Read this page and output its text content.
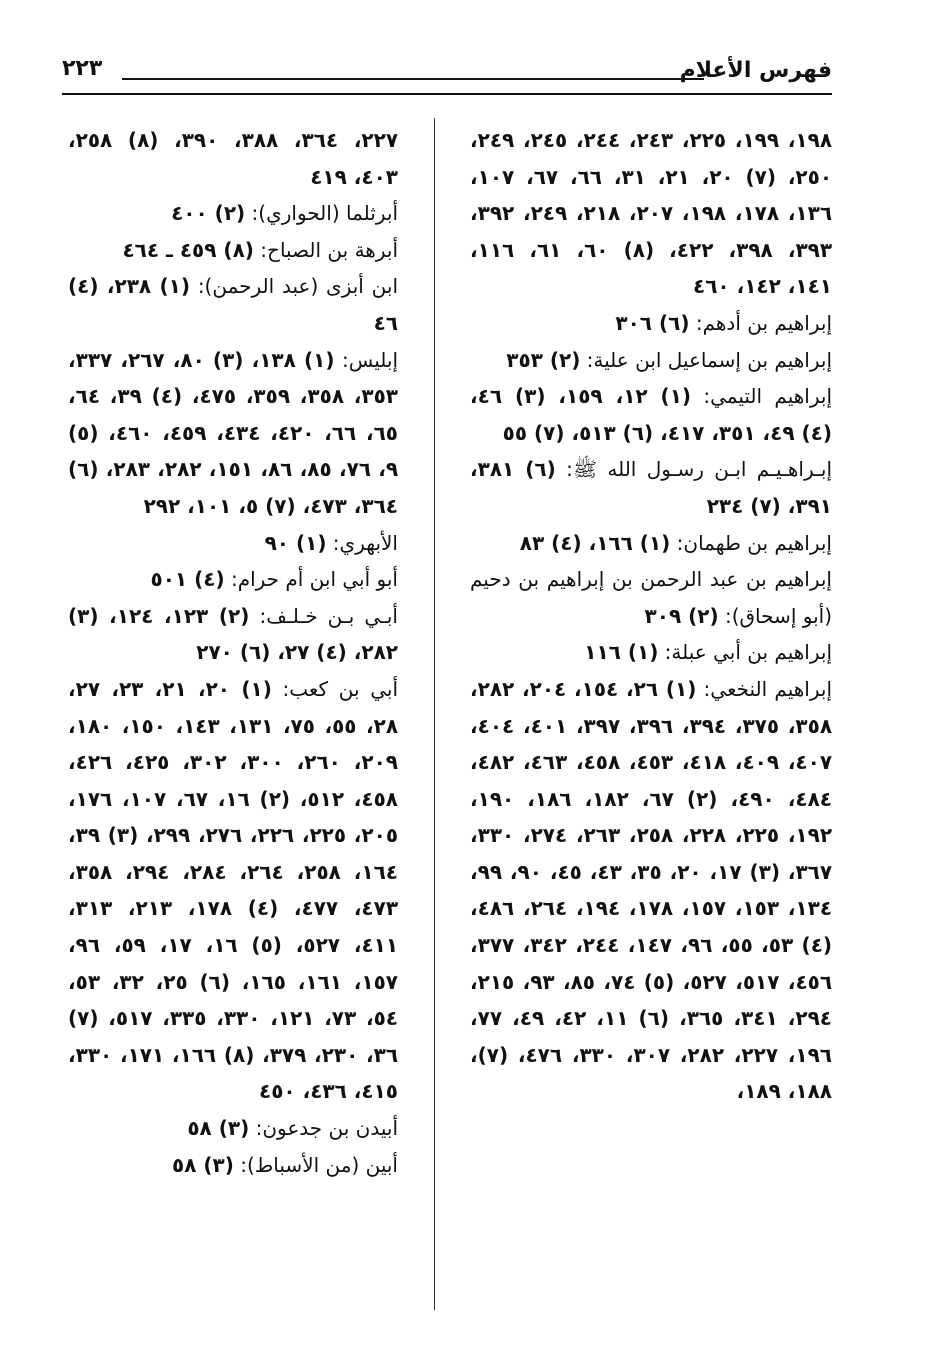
فهرس الأعلام
٢٢٣

١٩٨، ١٩٩، ٢٢٥، ٢٤٣، ٢٤٤، ٢٤٥، ٢٤٩، ٢٥٠، (٧) ٢٠، ٢١، ٣١، ٦٦، ٦٧، ١٠٧، ١٣٦، ١٧٨، ١٩٨، ٢٠٧، ٢١٨، ٢٤٩، ٣٩٢، ٣٩٣، ٣٩٨، ٤٢٢، (٨) ٦٠، ٦١، ١١٦، ١٤١، ١٤٢، ٤٦٠

إبراهيم بن أدهم: (٦) ٣٠٦

إبراهيم بن إسماعيل ابن علية: (٢) ٣٥٣

إبراهيم التيمي: (١) ١٢، ١٥٩، (٣) ٤٦، (٤) ٤٩، ٣٥١، ٤١٧، (٦) ٥١٣، (٧) ٥٥

إبـراهـيـم ابـن رسـول الله ﷺ: (٦) ٣٨١، ٣٩١، (٧) ٢٣٤

إبراهيم بن طهمان: (١) ١٦٦، (٤) ٨٣

إبراهيم بن عبد الرحمن بن إبراهيم بن دحيم (أبو إسحاق): (٢) ٣٠٩

إبراهيم بن أبي عبلة: (١) ١١٦

إبراهيم النخعي: (١) ٢٦، ١٥٤، ٢٠٤، ٢٨٢، ٣٥٨، ٣٧٥، ٣٩٤، ٣٩٦، ٣٩٧، ٤٠١، ٤٠٤، ٤٠٧، ٤٠٩، ٤١٨، ٤٥٣، ٤٥٨، ٤٦٣، ٤٨٢، ٤٨٤، ٤٩٠، (٢) ٦٧، ١٨٢، ١٨٦، ١٩٠، ١٩٢، ٢٢٥، ٢٢٨، ٢٥٨، ٢٦٣، ٢٧٤، ٣٣٠، ٣٦٧، (٣) ١٧، ٢٠، ٣٥، ٤٣، ٤٥، ٩٠، ٩٩، ١٣٤، ١٥٣، ١٥٧، ١٧٨، ١٩٤، ٢٦٤، ٤٨٦، (٤) ٥٣، ٥٥، ٩٦، ١٤٧، ٢٤٤، ٣٤٢، ٣٧٧، ٤٥٦، ٥١٧، ٥٢٧، (٥) ٧٤، ٨٥، ٩٣، ٢١٥، ٢٩٤، ٣٤١، ٣٦٥، (٦) ١١، ٤٢، ٤٩، ٧٧، ١٩٦، ٢٢٧، ٢٨٢، ٣٠٧، ٣٣٠، ٤٧٦، (٧)، ١٨٨، ١٨٩،

٢٢٧، ٣٦٤، ٣٨٨، ٣٩٠، (٨) ٢٥٨، ٤٠٣، ٤١٩

أبرثلما (الحواري): (٢) ٤٠٠

أبرهة بن الصباح: (٨) ٤٥٩ ـ ٤٦٤

ابن أبزى (عبد الرحمن): (١) ٢٣٨، (٤) ٤٦

إبليس: (١) ١٣٨، (٣) ٨٠، ٢٦٧، ٣٣٧، ٣٥٣، ٣٥٨، ٣٥٩، ٤٧٥، (٤) ٣٩، ٦٤، ٦٥، ٦٦، ٤٢٠، ٤٣٤، ٤٥٩، ٤٦٠، (٥) ٩، ٧٦، ٨٥، ٨٦، ١٥١، ٢٨٢، ٢٨٣، (٦) ٣٦٤، ٤٧٣، (٧) ٥، ١٠١، ٢٩٢

الأبهري: (١) ٩٠

أبو أبي ابن أم حرام: (٤) ٥٠١

أبـي بـن خـلـف: (٢) ١٢٣، ١٢٤، (٣) ٢٨٢، (٤) ٢٧، (٦) ٢٧٠

أبي بن كعب: (١) ٢٠، ٢١، ٢٣، ٢٧، ٢٨، ٥٥، ٧٥، ١٣١، ١٤٣، ١٥٠، ١٨٠، ٢٠٩، ٢٦٠، ٣٠٠، ٣٠٢، ٤٢٥، ٤٢٦، ٤٥٨، ٥١٢، (٢) ١٦، ٦٧، ١٠٧، ١٧٦، ٢٠٥، ٢٢٥، ٢٢٦، ٢٧٦، ٢٩٩، (٣) ٣٩، ١٦٤، ٢٥٨، ٢٦٤، ٢٨٤، ٢٩٤، ٣٥٨، ٤٧٣، ٤٧٧، (٤) ١٧٨، ٢١٣، ٣١٣، ٤١١، ٥٢٧، (٥) ١٦، ١٧، ٥٩، ٩٦، ١٥٧، ١٦١، ١٦٥، (٦) ٢٥، ٣٢، ٥٣، ٥٤، ٧٣، ١٢١، ٣٣٠، ٣٣٥، ٥١٧، (٧) ٣٦، ٢٣٠، ٣٧٩، (٨) ١٦٦، ١٧١، ٣٣٠، ٤١٥، ٤٣٦، ٤٥٠

أبيدن بن جدعون: (٣) ٥٨

أبين (من الأسباط): (٣) ٥٨
